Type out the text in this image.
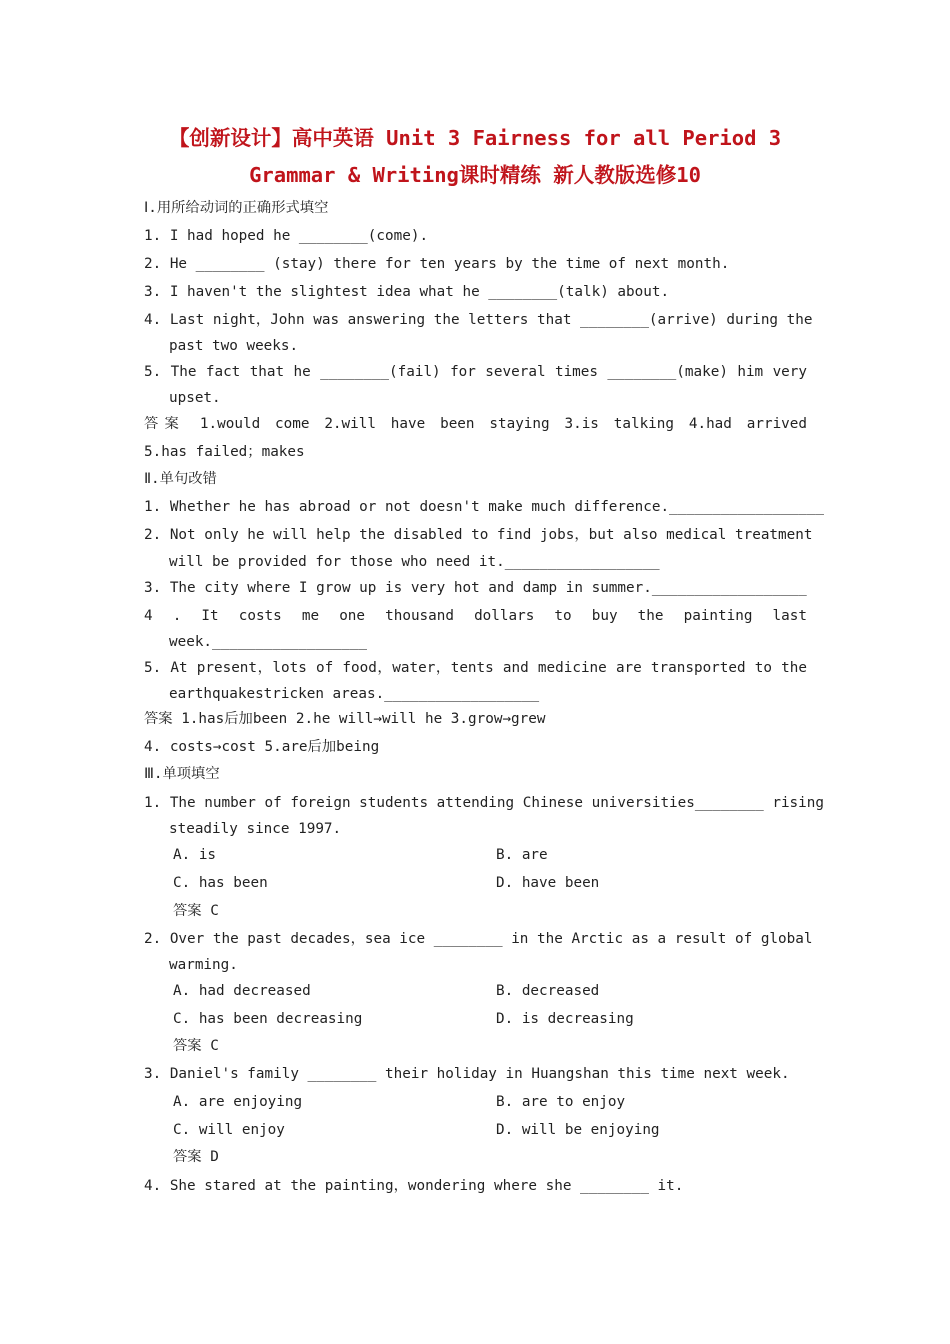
【创新设计】高中英语 Unit 3 Fairness for all Period 3
Grammar & Writing课时精练 新人教版选修10
Ⅰ.用所给动词的正确形式填空
1. I had hoped he ________(come).
2. He ________ (stay) there for ten years by the time of next month.
3. I haven't the slightest idea what he ________(talk) about.
4. Last night，John was answering the letters that ________(arrive) during the
past two weeks.
5. The fact that he ________(fail) for several times ________(make) him very
upset.
答案 1.would come 2.will have been staying 3.is talking 4.had arrived
5.has failed；makes
Ⅱ.单句改错
1. Whether he has abroad or not doesn't make much difference.__________________
2. Not only he will help the disabled to find jobs，but also medical treatment
will be provided for those who need it.__________________
3. The city where I grow up is very hot and damp in summer.__________________
4 . It costs me one thousand dollars to buy the painting last
week.__________________
5. At present，lots of food，water，tents and medicine are transported to the
earthquakestricken areas.__________________
答案 1.has后加been 2.he will→will he 3.grow→grew
4. costs→cost 5.are后加being
Ⅲ.单项填空
1. The number of foreign students attending Chinese universities________ rising
steadily since 1997.
A. is	B. are
C. has been	D. have been
答案 C
2. Over the past decades，sea ice ________ in the Arctic as a result of global
warming.
A. had decreased	B. decreased
C. has been decreasing	D. is decreasing
答案 C
3. Daniel's family ________ their holiday in Huangshan this time next week.
A. are enjoying	B. are to enjoy
C. will enjoy	D. will be enjoying
答案 D
4. She stared at the painting，wondering where she ________ it.
